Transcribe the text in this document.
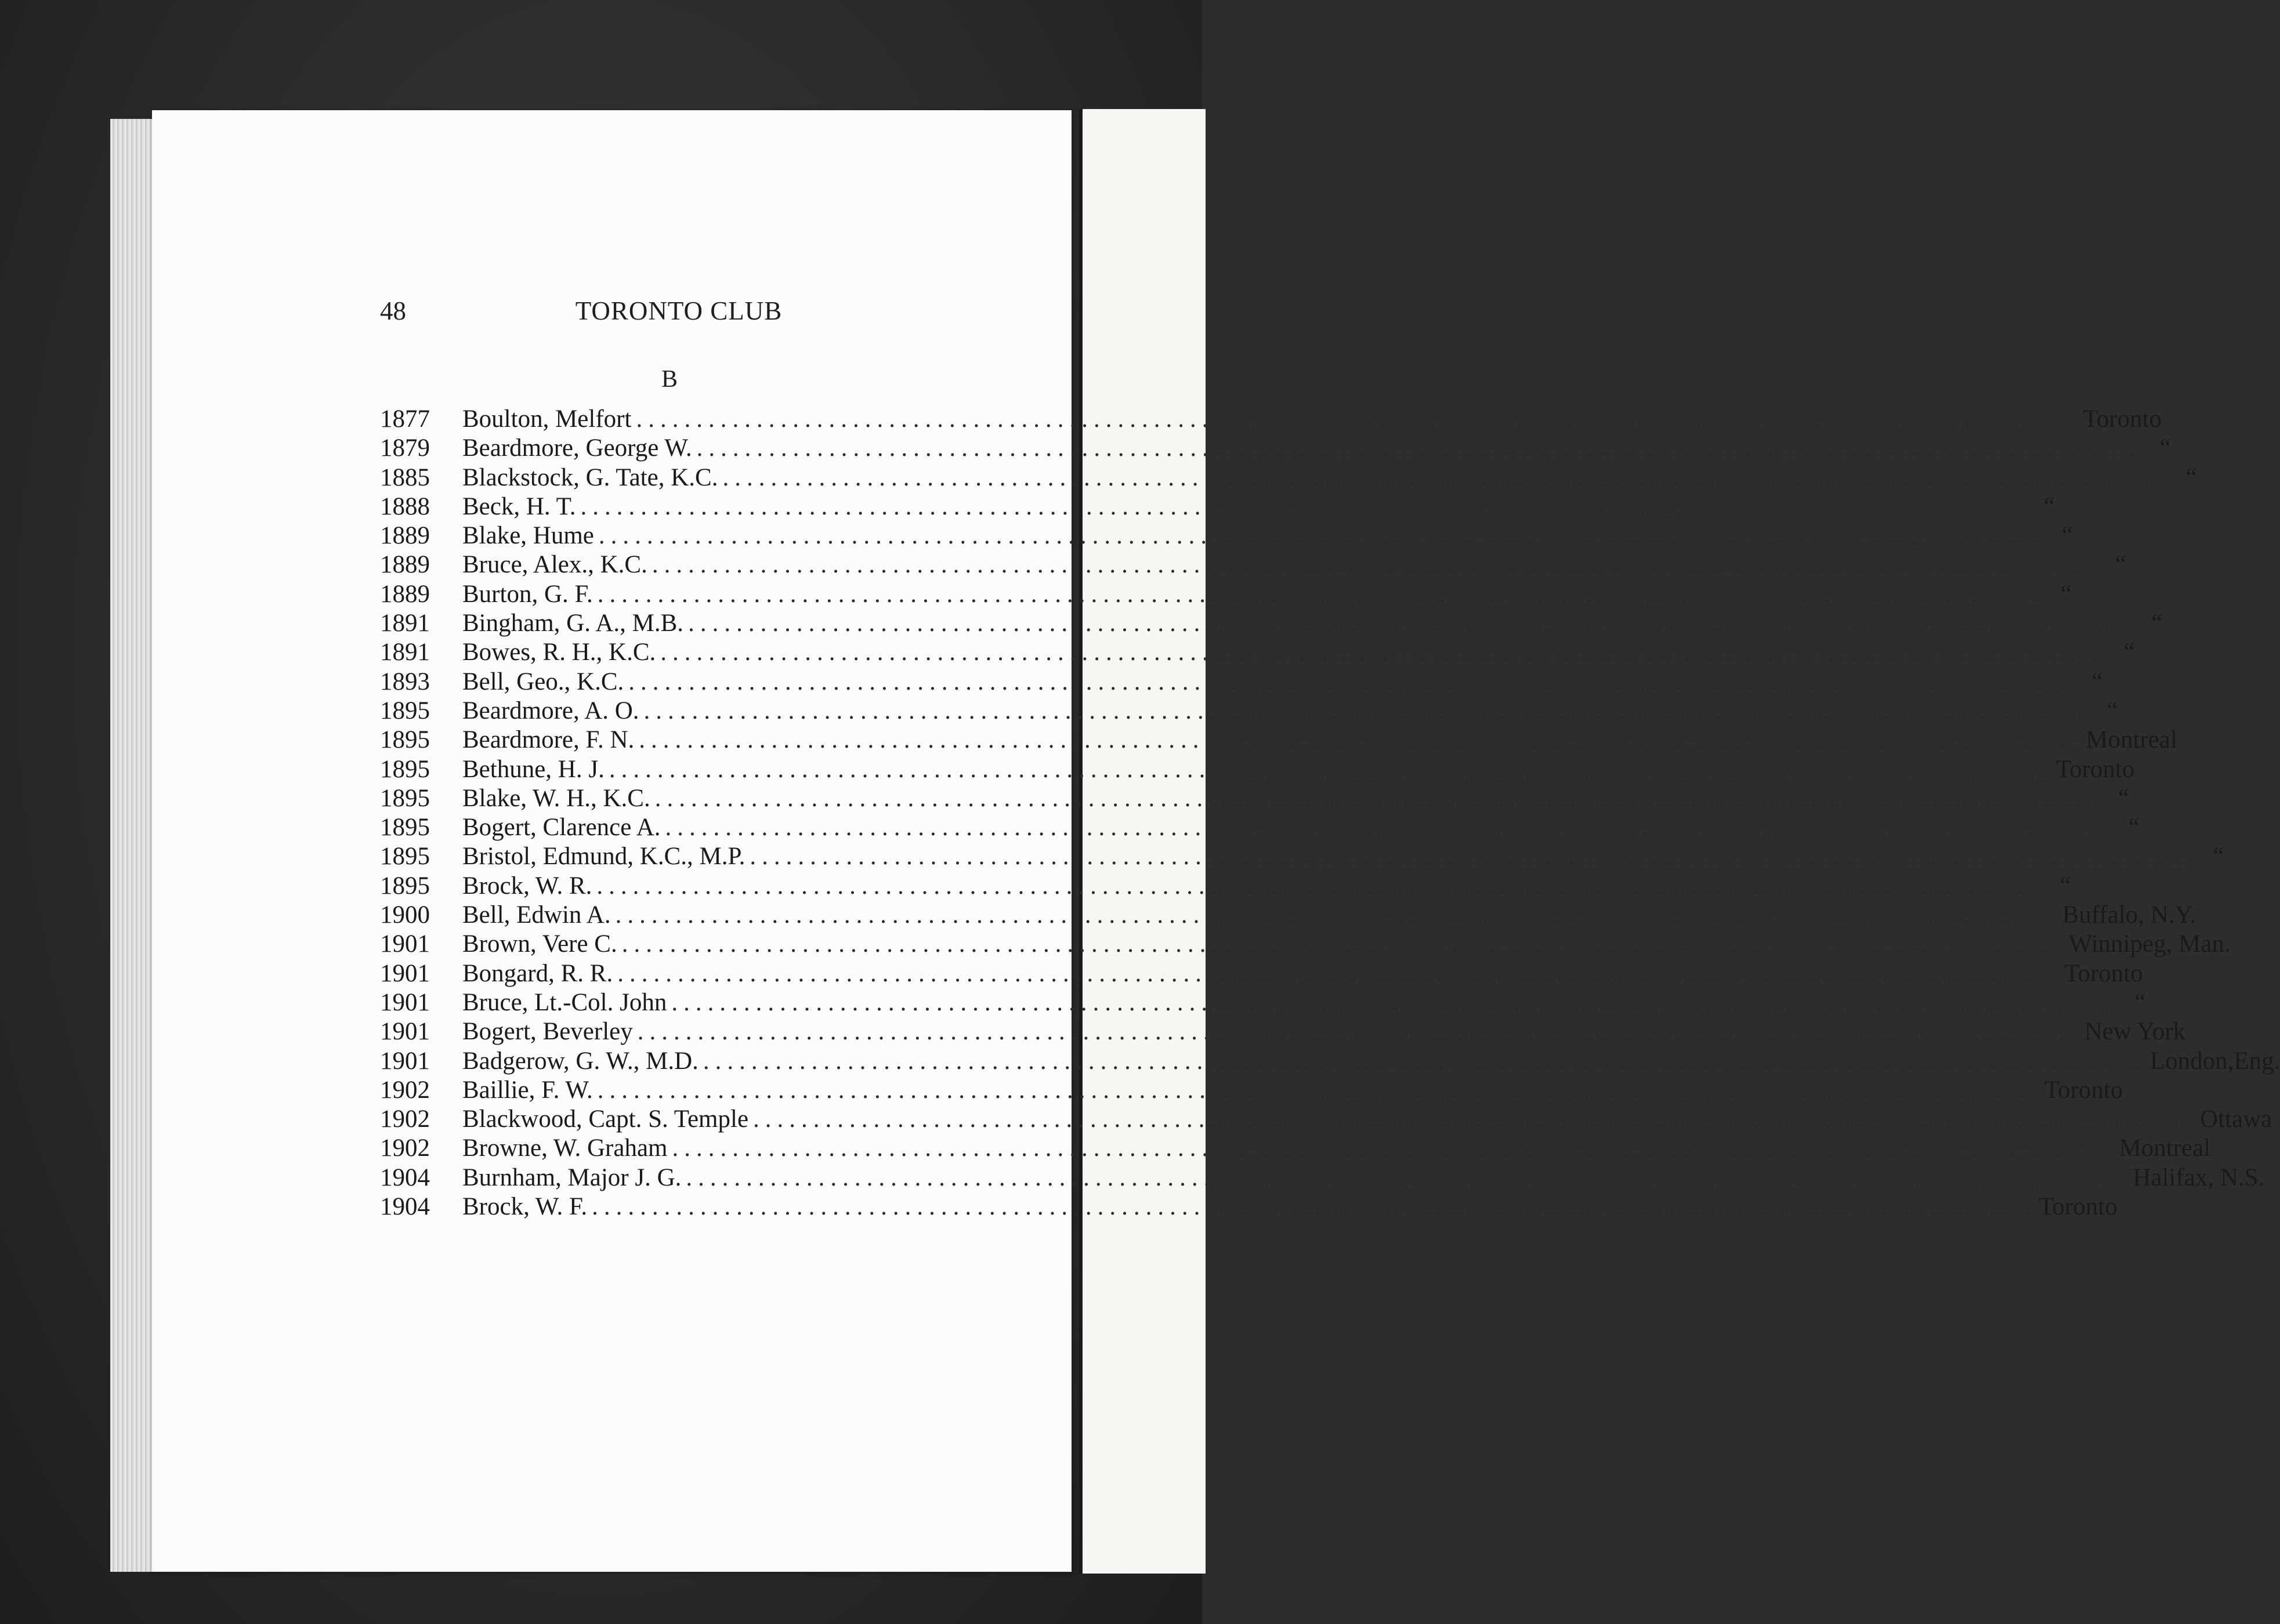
48	TORONTO CLUB
B
1877	Boulton, Melfort ........................................................................................................................ Toronto
1879	Beardmore, George W. ........................................................................................................................ “
1885	Blackstock, G. Tate, K.C. ........................................................................................................................ “
1888	Beck, H. T. ........................................................................................................................ “
1889	Blake, Hume ........................................................................................................................ “
1889	Bruce, Alex., K.C. ........................................................................................................................ “
1889	Burton, G. F. ........................................................................................................................ “
1891	Bingham, G. A., M.B. ........................................................................................................................ “
1891	Bowes, R. H., K.C. ........................................................................................................................ “
1893	Bell, Geo., K.C. ........................................................................................................................ “
1895	Beardmore, A. O. ........................................................................................................................ “
1895	Beardmore, F. N. ........................................................................................................................ Montreal
1895	Bethune, H. J. ........................................................................................................................ Toronto
1895	Blake, W. H., K.C. ........................................................................................................................ “
1895	Bogert, Clarence A. ........................................................................................................................ “
1895	Bristol, Edmund, K.C., M.P. ........................................................................................................................ “
1895	Brock, W. R. ........................................................................................................................ “
1900	Bell, Edwin A. ........................................................................................................................ Buffalo, N.Y.
1901	Brown, Vere C. ........................................................................................................................ Winnipeg, Man.
1901	Bongard, R. R. ........................................................................................................................ Toronto
1901	Bruce, Lt.-Col. John ........................................................................................................................ “
1901	Bogert, Beverley ........................................................................................................................ New York
1901	Badgerow, G. W., M.D. ........................................................................................................................ London,Eng.
1902	Baillie, F. W. ........................................................................................................................ Toronto
1902	Blackwood, Capt. S. Temple ........................................................................................................................ Ottawa
1902	Browne, W. Graham ........................................................................................................................ Montreal
1904	Burnham, Major J. G. ........................................................................................................................ Halifax, N.S.
1904	Brock, W. F. ........................................................................................................................ Toronto
